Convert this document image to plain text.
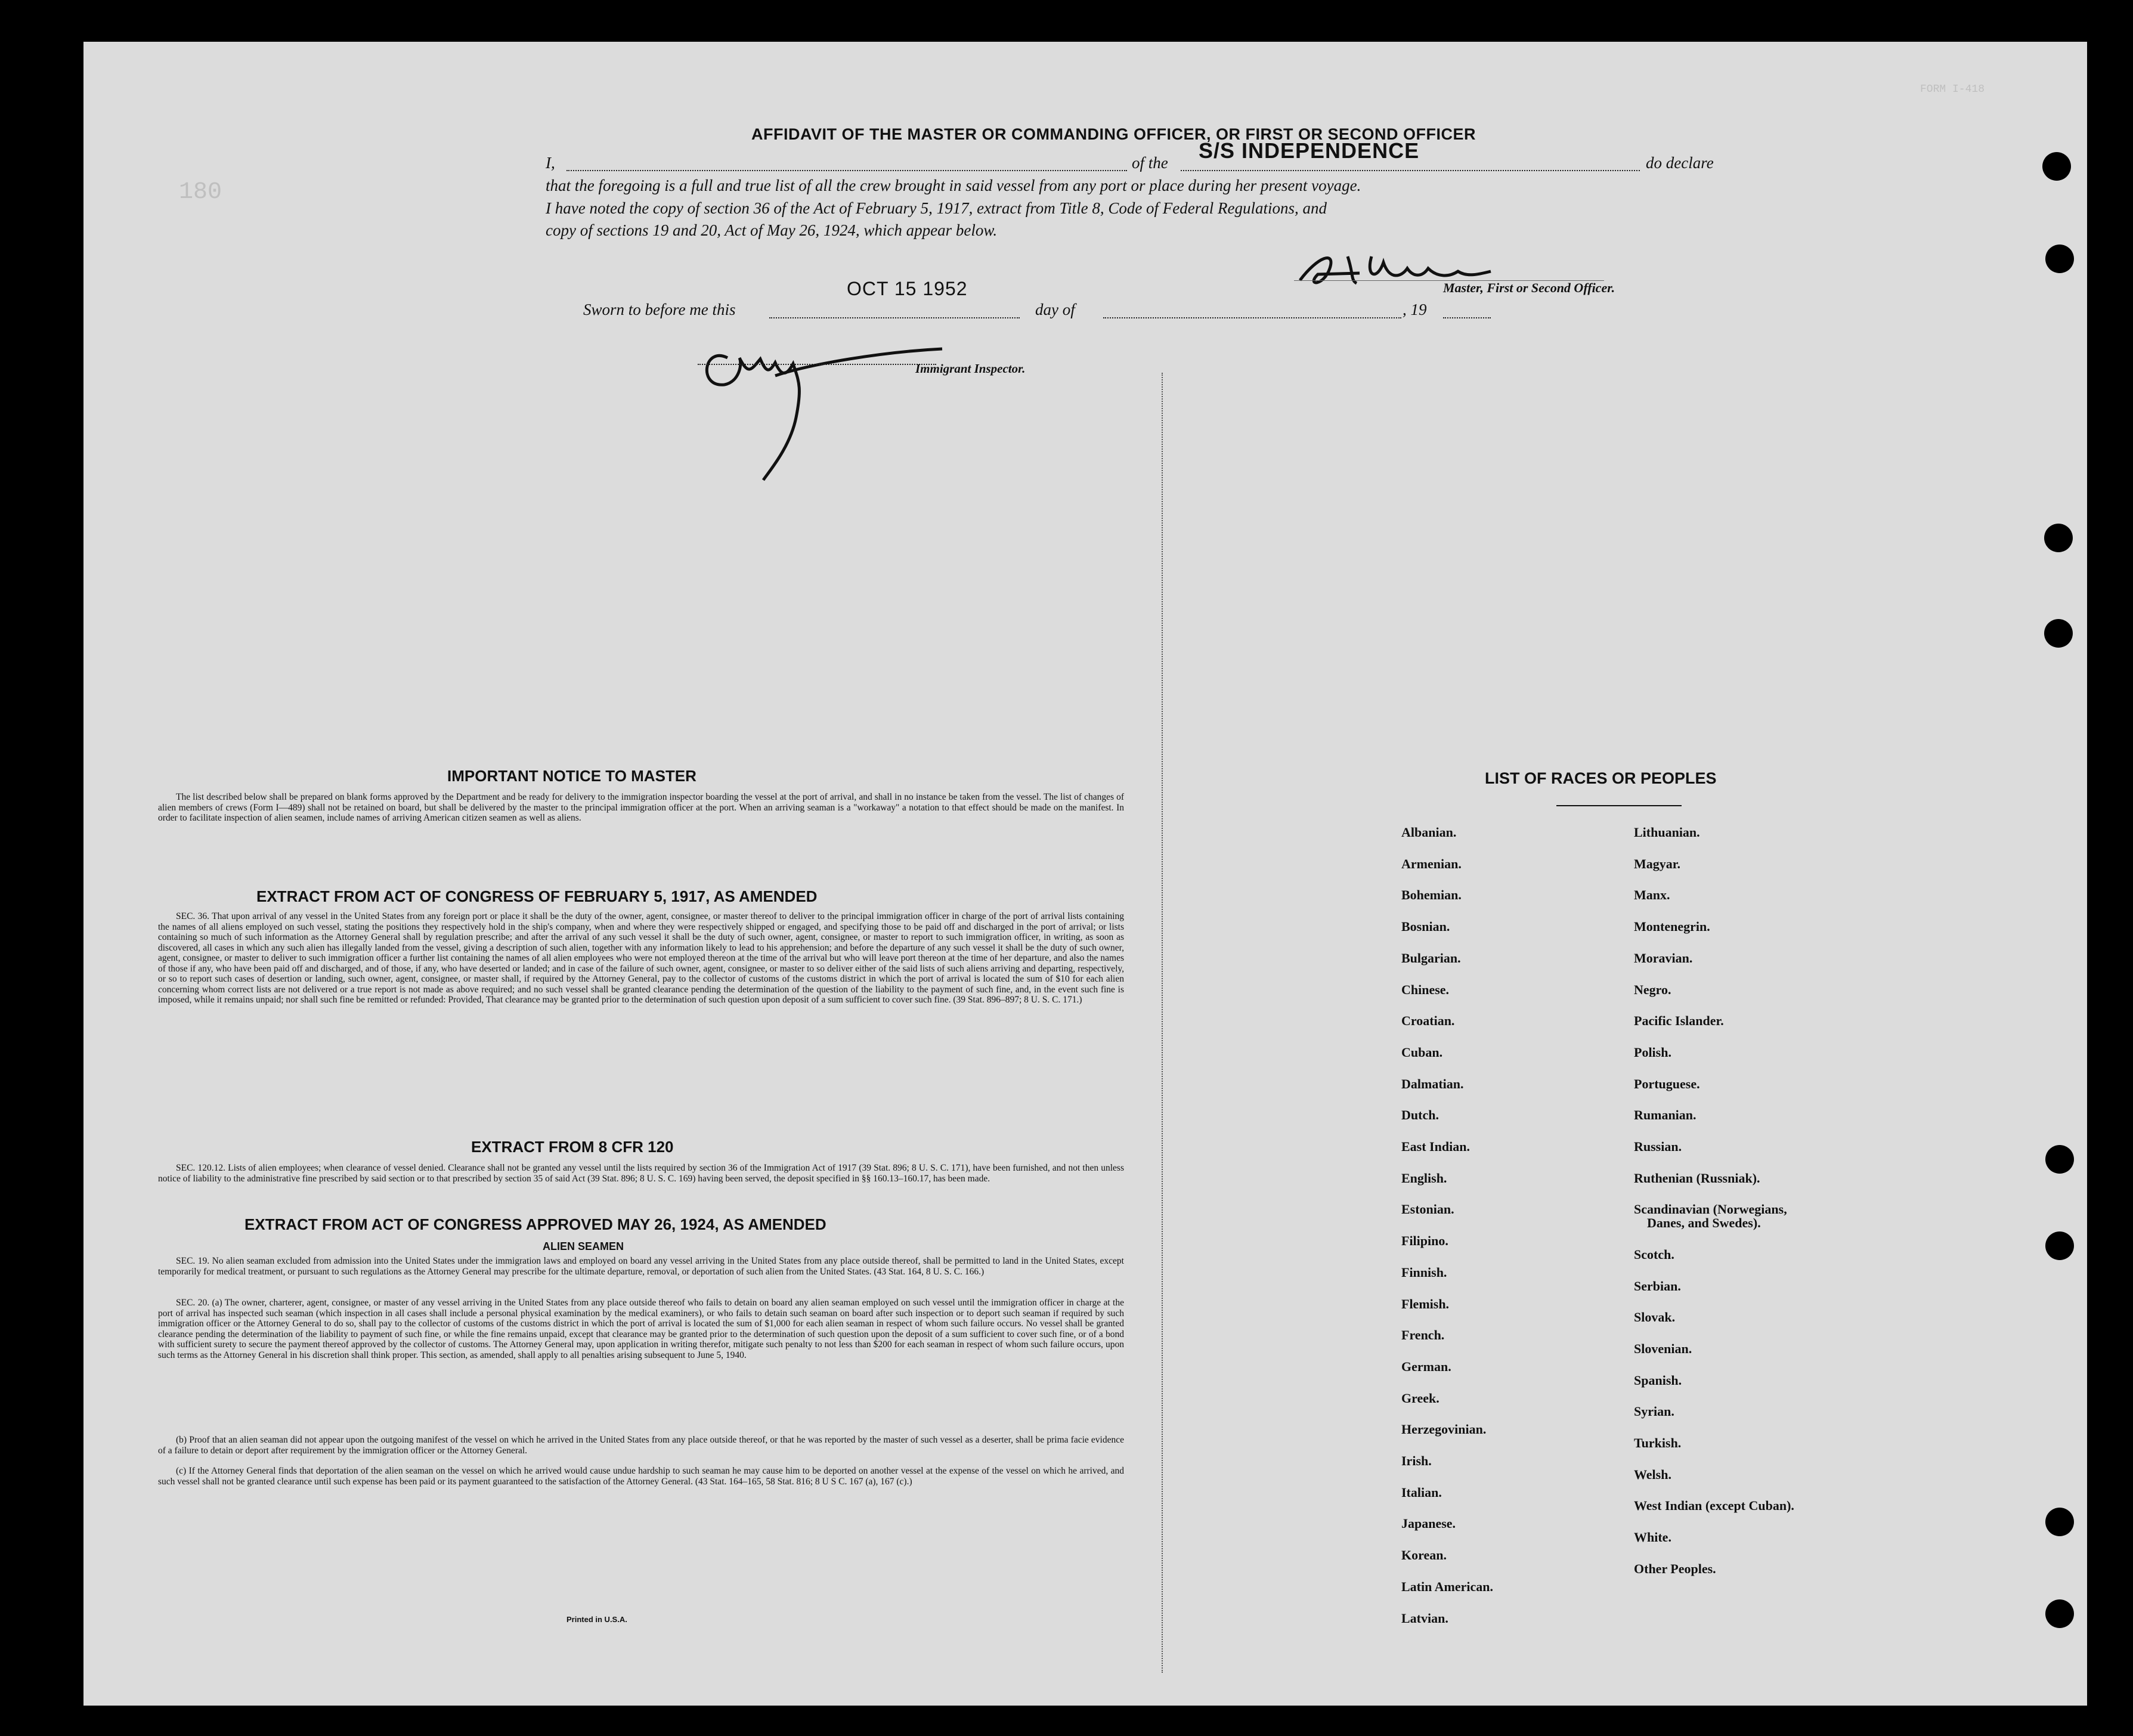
FORM I-418
180
AFFIDAVIT OF THE MASTER OR COMMANDING OFFICER, OR FIRST OR SECOND OFFICER
I,	of the S/S INDEPENDENCE	do declare
that the foregoing is a full and true list of all the crew brought in said vessel from any port or place during her present voyage.
I have noted the copy of section 36 of the Act of February 5, 1917, extract from Title 8, Code of Federal Regulations, and
copy of sections 19 and 20, Act of May 26, 1924, which appear below.
Master, First or Second Officer.
Sworn to before me this
OCT 15 1952
day of	, 19
Immigrant Inspector.
IMPORTANT NOTICE TO MASTER
The list described below shall be prepared on blank forms approved by the Department and be ready for delivery to the immigration inspector boarding the vessel at the port of arrival, and shall in no instance be taken from the vessel. The list of changes of alien members of crews (Form I—489) shall not be retained on board, but shall be delivered by the master to the principal immigration officer at the port. When an arriving seaman is a "workaway" a notation to that effect should be made on the manifest. In order to facilitate inspection of alien seamen, include names of arriving American citizen seamen as well as aliens.
EXTRACT FROM ACT OF CONGRESS OF FEBRUARY 5, 1917, AS AMENDED
SEC. 36. That upon arrival of any vessel in the United States from any foreign port or place it shall be the duty of the owner, agent, consignee, or master thereof to deliver to the principal immigration officer in charge of the port of arrival lists containing the names of all aliens employed on such vessel, stating the positions they respectively hold in the ship's company, when and where they were respectively shipped or engaged, and specifying those to be paid off and discharged in the port of arrival; or lists containing so much of such information as the Attorney General shall by regulation prescribe; and after the arrival of any such vessel it shall be the duty of such owner, agent, consignee, or master to report to such immigration officer, in writing, as soon as discovered, all cases in which any such alien has illegally landed from the vessel, giving a description of such alien, together with any information likely to lead to his apprehension; and before the departure of any such vessel it shall be the duty of such owner, agent, consignee, or master to deliver to such immigration officer a further list containing the names of all alien employees who were not employed thereon at the time of the arrival but who will leave port thereon at the time of her departure, and also the names of those if any, who have been paid off and discharged, and of those, if any, who have deserted or landed; and in case of the failure of such owner, agent, consignee, or master to so deliver either of the said lists of such aliens arriving and departing, respectively, or so to report such cases of desertion or landing, such owner, agent, consignee, or master shall, if required by the Attorney General, pay to the collector of customs of the customs district in which the port of arrival is located the sum of $10 for each alien concerning whom correct lists are not delivered or a true report is not made as above required; and no such vessel shall be granted clearance pending the determination of the question of the liability to the payment of such fine, and, in the event such fine is imposed, while it remains unpaid; nor shall such fine be remitted or refunded: Provided, That clearance may be granted prior to the determination of such question upon deposit of a sum sufficient to cover such fine. (39 Stat. 896–897; 8 U. S. C. 171.)
EXTRACT FROM 8 CFR 120
SEC. 120.12. Lists of alien employees; when clearance of vessel denied. Clearance shall not be granted any vessel until the lists required by section 36 of the Immigration Act of 1917 (39 Stat. 896; 8 U. S. C. 171), have been furnished, and not then unless notice of liability to the administrative fine prescribed by said section or to that prescribed by section 35 of said Act (39 Stat. 896; 8 U. S. C. 169) having been served, the deposit specified in §§ 160.13–160.17, has been made.
EXTRACT FROM ACT OF CONGRESS APPROVED MAY 26, 1924, AS AMENDED
ALIEN SEAMEN
SEC. 19. No alien seaman excluded from admission into the United States under the immigration laws and employed on board any vessel arriving in the United States from any place outside thereof, shall be permitted to land in the United States, except temporarily for medical treatment, or pursuant to such regulations as the Attorney General may prescribe for the ultimate departure, removal, or deportation of such alien from the United States. (43 Stat. 164, 8 U. S. C. 166.)
SEC. 20. (a) The owner, charterer, agent, consignee, or master of any vessel arriving in the United States from any place outside thereof who fails to detain on board any alien seaman employed on such vessel until the immigration officer in charge at the port of arrival has inspected such seaman (which inspection in all cases shall include a personal physical examination by the medical examiners), or who fails to detain such seaman on board after such inspection or to deport such seaman if required by such immigration officer or the Attorney General to do so, shall pay to the collector of customs of the customs district in which the port of arrival is located the sum of $1,000 for each alien seaman in respect of whom such failure occurs. No vessel shall be granted clearance pending the determination of the liability to payment of such fine, or while the fine remains unpaid, except that clearance may be granted prior to the determination of such question upon the deposit of a sum sufficient to cover such fine, or of a bond with sufficient surety to secure the payment thereof approved by the collector of customs. The Attorney General may, upon application in writing therefor, mitigate such penalty to not less than $200 for each seaman in respect of whom such failure occurs, upon such terms as the Attorney General in his discretion shall think proper. This section, as amended, shall apply to all penalties arising subsequent to June 5, 1940.
(b) Proof that an alien seaman did not appear upon the outgoing manifest of the vessel on which he arrived in the United States from any place outside thereof, or that he was reported by the master of such vessel as a deserter, shall be prima facie evidence of a failure to detain or deport after requirement by the immigration officer or the Attorney General.
(c) If the Attorney General finds that deportation of the alien seaman on the vessel on which he arrived would cause undue hardship to such seaman he may cause him to be deported on another vessel at the expense of the vessel on which he arrived, and such vessel shall not be granted clearance until such expense has been paid or its payment guaranteed to the satisfaction of the Attorney General. (43 Stat. 164–165, 58 Stat. 816; 8 U S C. 167 (a), 167 (c).)
Printed in U.S.A.
LIST OF RACES OR PEOPLES
Albanian.
Armenian.
Bohemian.
Bosnian.
Bulgarian.
Chinese.
Croatian.
Cuban.
Dalmatian.
Dutch.
East Indian.
English.
Estonian.
Filipino.
Finnish.
Flemish.
French.
German.
Greek.
Herzegovinian.
Irish.
Italian.
Japanese.
Korean.
Latin American.
Latvian.
Lithuanian.
Magyar.
Manx.
Montenegrin.
Moravian.
Negro.
Pacific Islander.
Polish.
Portuguese.
Rumanian.
Russian.
Ruthenian (Russniak).
Scandinavian (Norwegians,
Danes, and Swedes).
Scotch.
Serbian.
Slovak.
Slovenian.
Spanish.
Syrian.
Turkish.
Welsh.
West Indian (except Cuban).
White.
Other Peoples.
